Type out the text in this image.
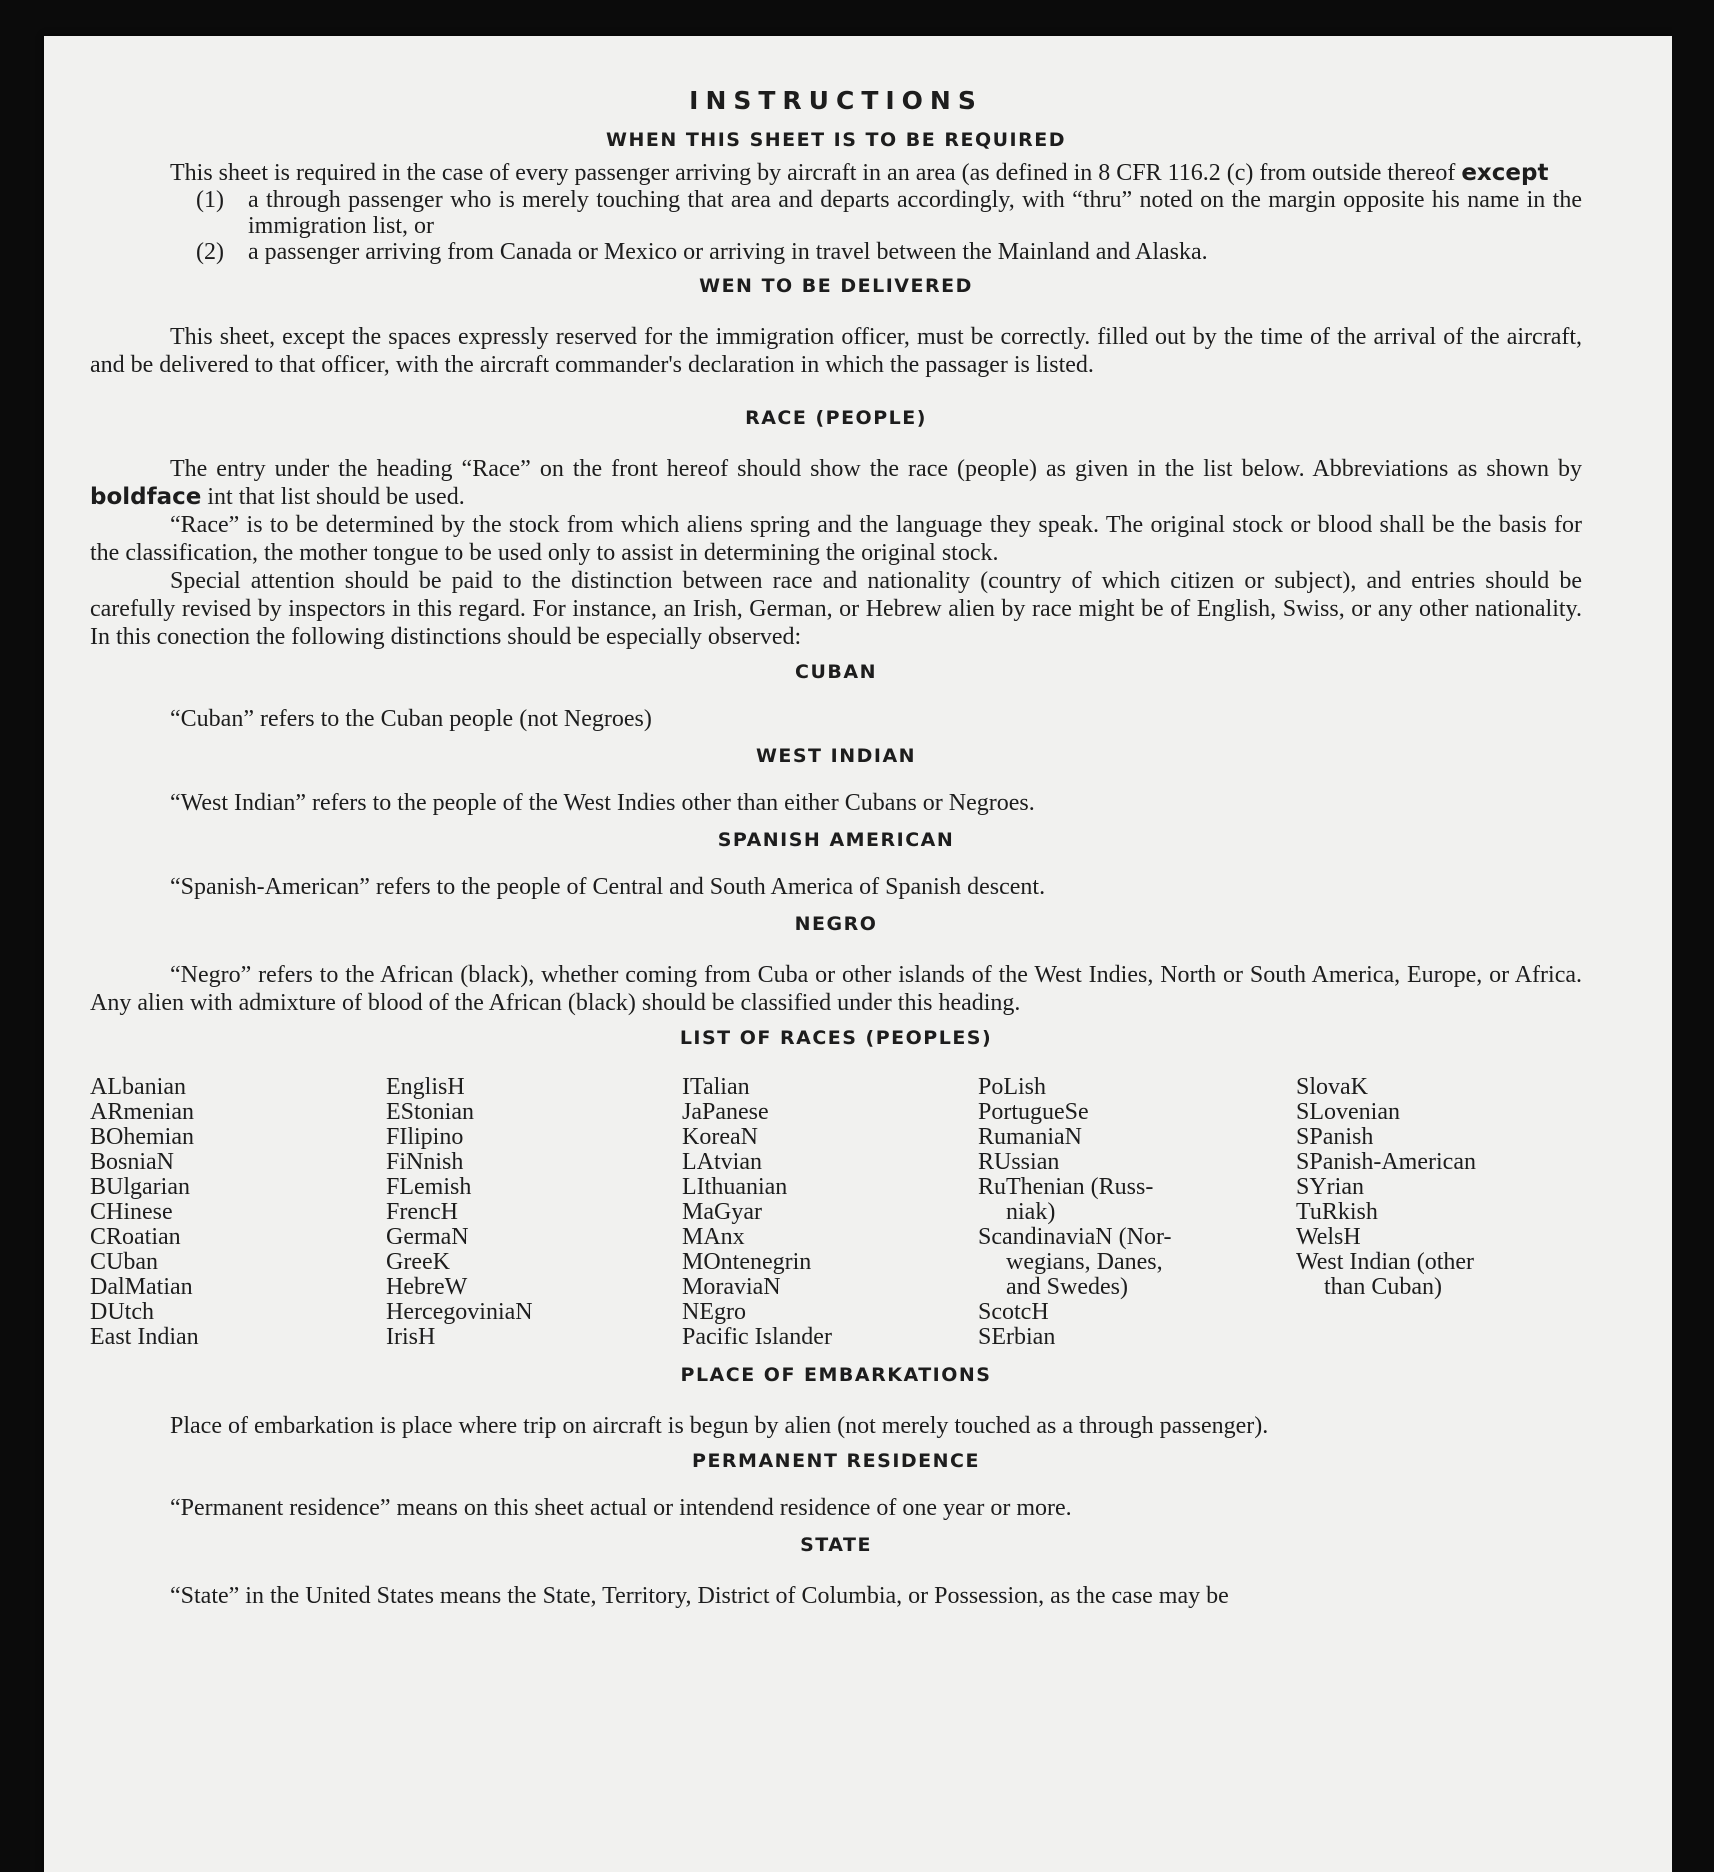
INSTRUCTIONS
WHEN THIS SHEET IS TO BE REQUIRED

This sheet is required in the case of every passenger arriving by aircraft in an area (as defined in 8 CFR 116.2 (c) from outside thereof except

(1)	a through passenger who is merely touching that area and departs accordingly, with “thru” noted on the margin opposite his name in the immigration list, or
(2)	a passenger arriving from Canada or Mexico or arriving in travel between the Mainland and Alaska.
WEN TO BE DELIVERED

This sheet, except the spaces expressly reserved for the immigration officer, must be correctly. filled out by the time of the arrival of the aircraft, and be delivered to that officer, with the aircraft commander's declaration in which the passager is listed.

RACE (PEOPLE)

The entry under the heading “Race” on the front hereof should show the race (people) as given in the list below. Abbreviations as shown by boldface int that list should be used.

“Race” is to be determined by the stock from which aliens spring and the language they speak. The original stock or blood shall be the basis for the classification, the mother tongue to be used only to assist in determining the original stock.

Special attention should be paid to the distinction between race and nationality (country of which citizen or subject), and entries should be carefully revised by inspectors in this regard. For instance, an Irish, German, or Hebrew alien by race might be of English, Swiss, or any other nationality. In this conection the following distinctions should be especially observed:

CUBAN

“Cuban” refers to the Cuban people (not Negroes)

WEST INDIAN

“West Indian” refers to the people of the West Indies other than either Cubans or Negroes.

SPANISH AMERICAN

“Spanish-American” refers to the people of Central and South America of Spanish descent.

NEGRO

“Negro” refers to the African (black), whether coming from Cuba or other islands of the West Indies, North or South America, Europe, or Africa. Any alien with admixture of blood of the African (black) should be classified under this heading.

LIST OF RACES (PEOPLES)
ALbanian
ARmenian
BOhemian
BosniaN
BUlgarian
CHinese
CRoatian
CUban
DalMatian
DUtch
East Indian
EnglisH
EStonian
FIlipino
FiNnish
FLemish
FrencH
GermaN
GreeK
HebreW
HercegoviniaN
IrisH
ITalian
JaPanese
KoreaN
LAtvian
LIthuanian
MaGyar
MAnx
MOntenegrin
MoraviaN
NEgro
Pacific Islander
PoLish
PortugueSe
RumaniaN
RUssian
RuThenian (Russ-
niak)
ScandinaviaN (Nor-
wegians, Danes,
and Swedes)
ScotcH
SErbian
SlovaK
SLovenian
SPanish
SPanish-American
SYrian
TuRkish
WelsH
West Indian (other
than Cuban)
PLACE OF EMBARKATIONS

Place of embarkation is place where trip on aircraft is begun by alien (not merely touched as a through passenger).

PERMANENT RESIDENCE

“Permanent residence” means on this sheet actual or intendend residence of one year or more.

STATE

“State” in the United States means the State, Territory, District of Columbia, or Possession, as the case may be
